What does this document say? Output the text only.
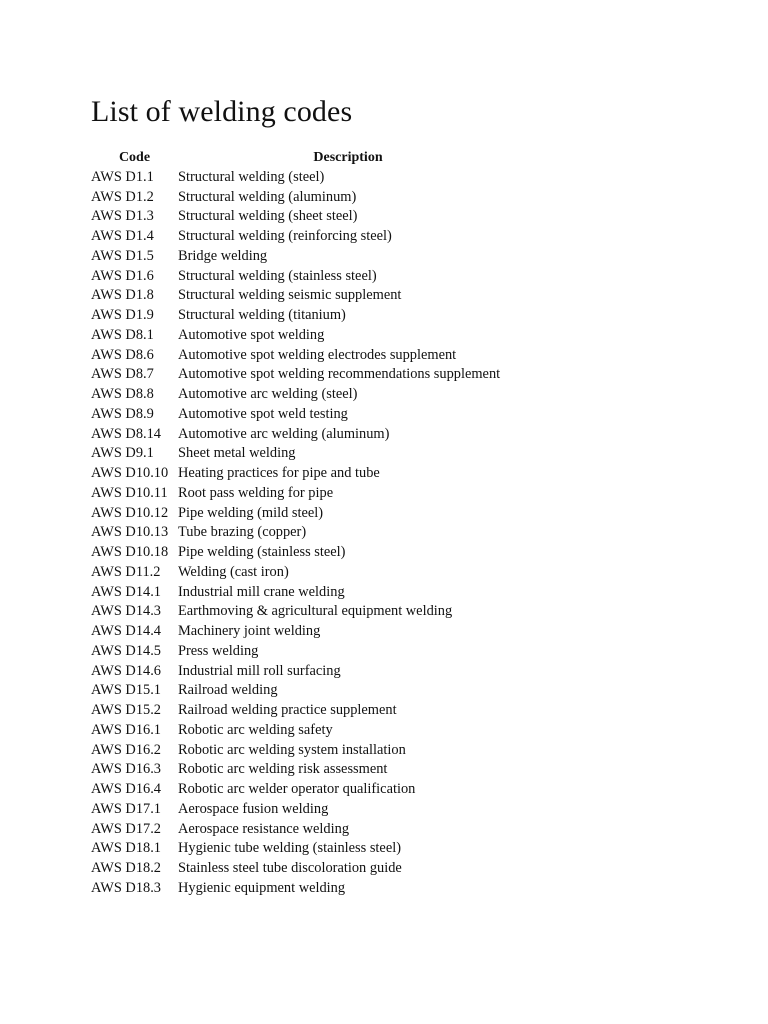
List of welding codes
Code	Description
AWS D1.1	Structural welding (steel)
AWS D1.2	Structural welding (aluminum)
AWS D1.3	Structural welding (sheet steel)
AWS D1.4	Structural welding (reinforcing steel)
AWS D1.5	Bridge welding
AWS D1.6	Structural welding (stainless steel)
AWS D1.8	Structural welding seismic supplement
AWS D1.9	Structural welding (titanium)
AWS D8.1	Automotive spot welding
AWS D8.6	Automotive spot welding electrodes supplement
AWS D8.7	Automotive spot welding recommendations supplement
AWS D8.8	Automotive arc welding (steel)
AWS D8.9	Automotive spot weld testing
AWS D8.14	Automotive arc welding (aluminum)
AWS D9.1	Sheet metal welding
AWS D10.10	Heating practices for pipe and tube
AWS D10.11	Root pass welding for pipe
AWS D10.12	Pipe welding (mild steel)
AWS D10.13	Tube brazing (copper)
AWS D10.18	Pipe welding (stainless steel)
AWS D11.2	Welding (cast iron)
AWS D14.1	Industrial mill crane welding
AWS D14.3	Earthmoving & agricultural equipment welding
AWS D14.4	Machinery joint welding
AWS D14.5	Press welding
AWS D14.6	Industrial mill roll surfacing
AWS D15.1	Railroad welding
AWS D15.2	Railroad welding practice supplement
AWS D16.1	Robotic arc welding safety
AWS D16.2	Robotic arc welding system installation
AWS D16.3	Robotic arc welding risk assessment
AWS D16.4	Robotic arc welder operator qualification
AWS D17.1	Aerospace fusion welding
AWS D17.2	Aerospace resistance welding
AWS D18.1	Hygienic tube welding (stainless steel)
AWS D18.2	Stainless steel tube discoloration guide
AWS D18.3	Hygienic equipment welding
